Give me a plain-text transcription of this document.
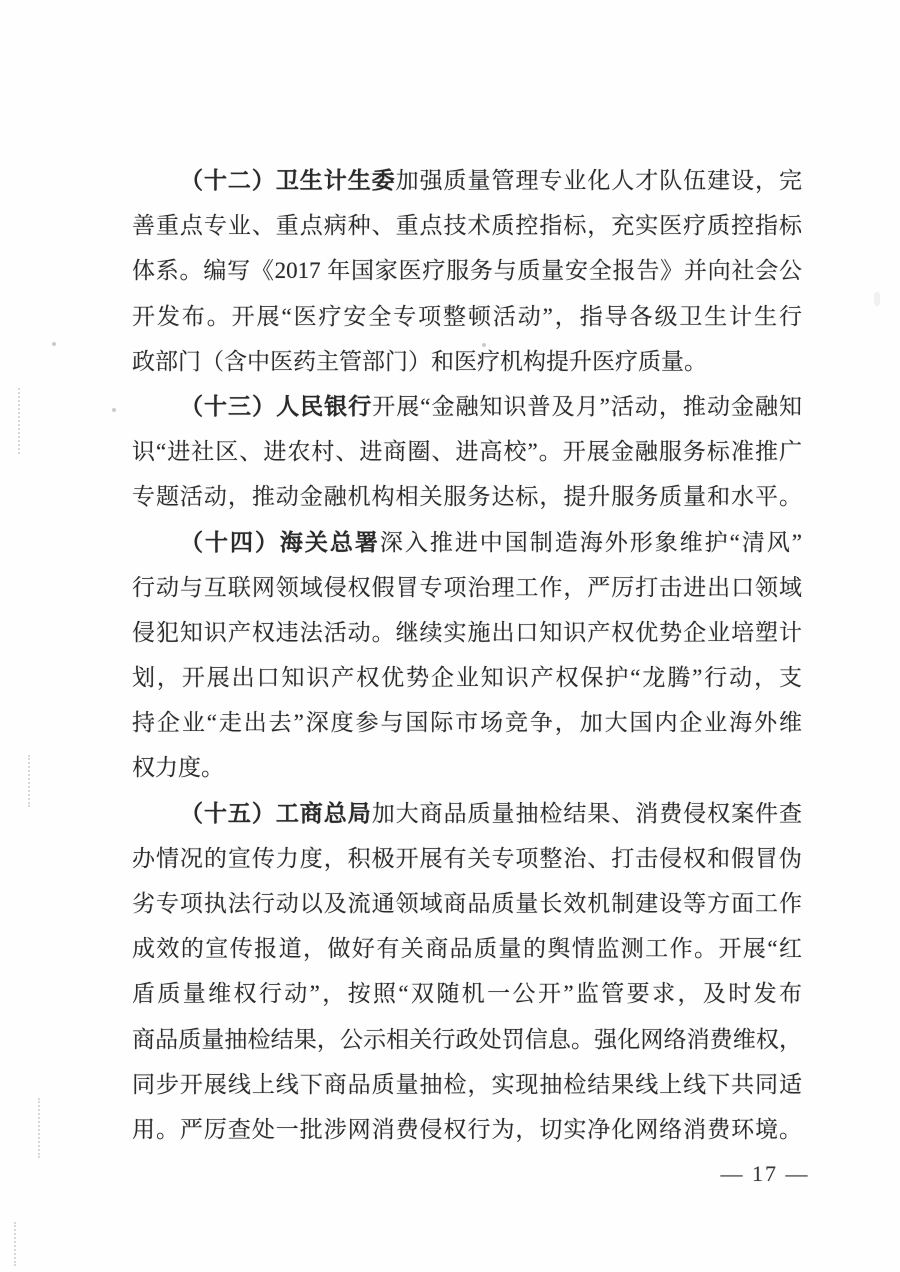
（十二）卫生计生委加强质量管理专业化人才队伍建设，完
善重点专业、重点病种、重点技术质控指标，充实医疗质控指标
体系。编写《2017 年国家医疗服务与质量安全报告》并向社会公
开发布。开展“医疗安全专项整顿活动”，指导各级卫生计生行
政部门（含中医药主管部门）和医疗机构提升医疗质量。
（十三）人民银行开展“金融知识普及月”活动，推动金融知
识“进社区、进农村、进商圈、进高校”。开展金融服务标准推广
专题活动，推动金融机构相关服务达标，提升服务质量和水平。
（十四）海关总署深入推进中国制造海外形象维护“清风”
行动与互联网领域侵权假冒专项治理工作，严厉打击进出口领域
侵犯知识产权违法活动。继续实施出口知识产权优势企业培塑计
划，开展出口知识产权优势企业知识产权保护“龙腾”行动，支
持企业“走出去”深度参与国际市场竞争，加大国内企业海外维
权力度。
（十五）工商总局加大商品质量抽检结果、消费侵权案件查
办情况的宣传力度，积极开展有关专项整治、打击侵权和假冒伪
劣专项执法行动以及流通领域商品质量长效机制建设等方面工作
成效的宣传报道，做好有关商品质量的舆情监测工作。开展“红
盾质量维权行动”，按照“双随机一公开”监管要求，及时发布
商品质量抽检结果，公示相关行政处罚信息。强化网络消费维权，
同步开展线上线下商品质量抽检，实现抽检结果线上线下共同适
用。严厉查处一批涉网消费侵权行为，切实净化网络消费环境。
— 17 —
